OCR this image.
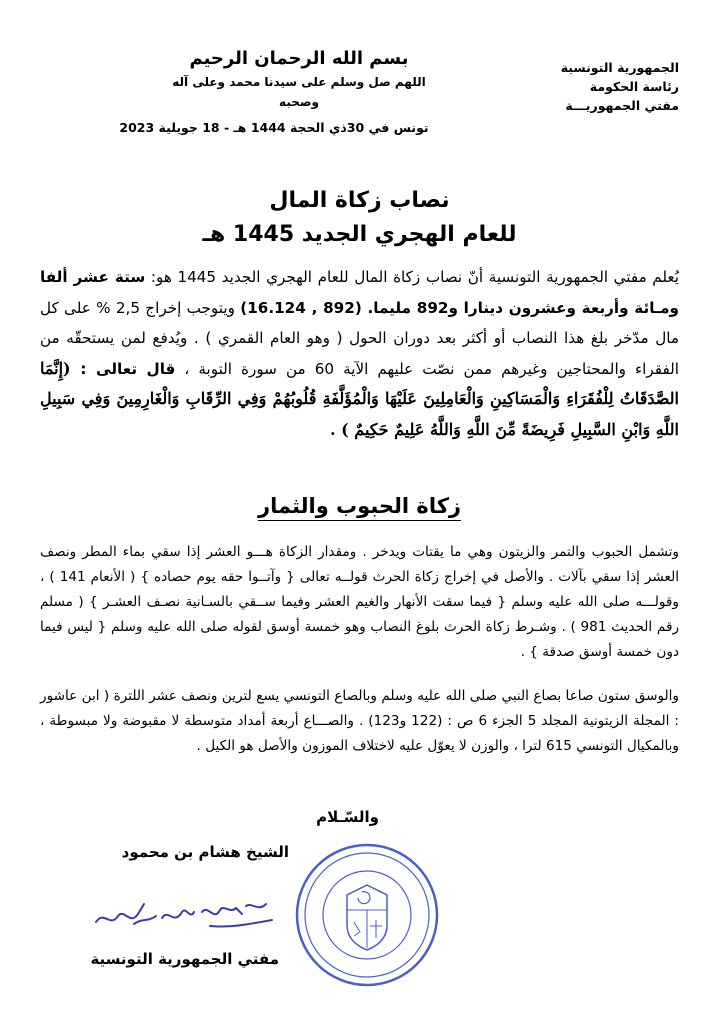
الجمهورية التونسية
رئاسة الحكومة
مفتي الجمهوريـــة
بسم الله الرحمان الرحيم
اللهم صل وسلم على سيدنا محمد وعلى آله وصحبه
تونس في 30ذي الحجة 1444 هـ - 18 جويلية 2023
نصاب زكاة المال
للعام الهجري الجديد 1445 هـ
يُعلم مفتي الجمهورية التونسية أنّ نصاب زكاة المال للعام الهجري الجديد 1445 هو: ستة عشر ألفا ومـائة وأربعة وعشرون دينارا و892 مليما. (892 , 16.124) ويتوجب إخراج 2,5 % على كل مال مدّخر بلغ هذا النصاب أو أكثر بعد دوران الحول ( وهو العام القمري ) . ويُدفع لمن يستحقّه من الفقراء والمحتاجين وغيرهم ممن نصّت عليهم الآية 60 من سورة التوبة ، قال تعالى : (إِنَّمَا الصَّدَقَاتُ لِلْفُقَرَاءِ وَالْمَسَاكِينِ وَالْعَامِلِينَ عَلَيْهَا وَالْمُؤَلَّفَةِ قُلُوبُهُمْ وَفِي الرِّقَابِ وَالْغَارِمِينَ وَفِي سَبِيلِ اللَّهِ وَابْنِ السَّبِيلِ فَرِيضَةً مِّنَ اللَّهِ وَاللَّهُ عَلِيمٌ حَكِيمٌ ) .
زكاة الحبوب والثمار
وتشمل الحبوب والتمر والزيتون وهي ما يقتات ويدخر . ومقدار الزكاة هـــو العشر إذا سقي بماء المطر ونصف العشر إذا سقي بآلات . والأصل في إخراج زكاة الحرث قولــه تعالى { وآتــوا حقه يوم حصاده } ( الأنعام 141 ) ، وقولـــه صلى الله عليه وسلم { فيما سقت الأنهار والغيم العشر وفيما ســقي بالسـانية نصـف العشـر } ( مسلم رقم الحديث 981 ) . وشـرط زكاة الحرث بلوغ النصاب وهو خمسة أوسق لقوله صلى الله عليه وسلم { ليس فيما دون خمسة أوسق صدقة } .
والوسق ستون صاعا بصاع النبي صلى الله عليه وسلم وبالصاع التونسي يسع لترين ونصف عشر اللترة ( ابن عاشور : المجلة الزيتونية المجلد 5 الجزء 6 ص : (122 و123) . والصـــاع أربعة أمداد متوسطة لا مقبوضة ولا مبسوطة ، وبالمكيال التونسي 615 لترا ، والوزن لا يعوّل عليه لاختلاف الموزون والأصل هو الكيل .
والسّـلام
الشيخ هشام بن محمود
مفتي الجمهورية التونسية
